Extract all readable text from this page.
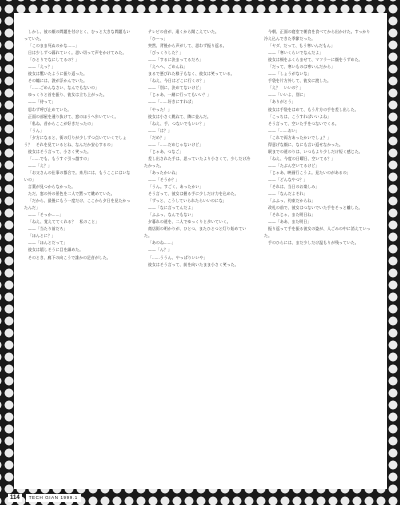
しかし、彼の顔の問題を付けとく、むっと大きな問題もいっていた。

「このまま死ぬのかな……」

日は少しずつ暮れていく。思い切って声をかけてみた。

「ひとりでなにしてるの？」

——「えっ？」

彼女は驚いたように振り返った。

その瞳には、涙が浮かんでいた。

「……ごめんなさい、なんでもないの」

ゆっくりと首を振り、彼女は立ち上がった。

——「待って」

思わず呼び止めていた。

正面の部屋を通り抜けて、窓のほうへ歩いていく。

「私ね、昔からここが好きだったの」

「うん」

「夕方になると、街の灯りが少しずつ点いていくでしょう？　それを見ているとね、なんだか安心するの」

彼女はそう言って、小さく笑った。

「……でも、もうすぐ引っ越すの」

——「え？」

「お父さんの仕事の都合で。来月には、もうここにはいないの」

言葉が見つからなかった。

ただ、窓の外の景色を二人で黙って眺めていた。

「だから、最後にもう一度だけ、ここから夕日を見たかったんだ」

——「そっか……」

「ねえ、覚えててくれる？　私のこと」

——「当たり前だろ」

「ほんとに？」

——「ほんとだって」

彼女は嬉しそうに目を細めた。

そのとき、廊下の向こうで誰かの足音がした。

テレビの音が、遠くから聞こえていた。

「ひーっ」

突然、背後から声がして、思わず振り返る。

「びっくりした？」

——「するに決まってるだろ」

「えへへ、ごめんね」

まるで悪びれた様子もなく、彼女は笑っている。

「ねえ、今日はどこに行くの？」

——「別に、決めてないけど」

「じゃあ、一緒に行ってもいい？」

——「……好きにすれば」

「やった！」

彼女は小さく跳ねて、隣に並んだ。

「ねえ、手、つないでもいい？」

——「は？」

「だめ？」

——「……だめじゃないけど」

「じゃあ、つなご」

差し出された手は、思っていたより小さくて、少しだけ冷たかった。

「あったかいね」

——「そうか？」

「うん。すごく、あったかい」

そう言って、彼女は握る手に少しだけ力を込めた。

「ずっと、こうしていられたらいいのにな」

——「なに言ってんだよ」

「ふふっ、なんでもない」

夕暮れの道を、二人でゆっくりと歩いていく。

商店街の明かりが、ひとつ、またひとつと灯り始めていた。

「あのね……」

——「ん？」

「……ううん、やっぱりいいや」

彼女はそう言って、前を向いたまま小さく笑った。

今朝、正面の寝室で朝食を食べてから出かけた。すっかり冷え込んできた季節だった。

「ヤダ、だって、もう寒いんだもん」

——「寒いくらいでなんだよ」

彼女は頬をふくらませて、マフラーに顔をうずめた。

「だって、寒いものは寒いんだから」

——「しょうがないな」

手袋を片方外して、彼女に渡した。

「え？　いいの？」

——「いいよ、別に」

「ありがとう」

彼女は手袋をはめて、もう片方の手を差し出した。

「こっちは、こうすればいいよね」

そう言って、空いた手をつないでくる。

——「……おい」

「これで両方あったかいでしょ？」

得意げな顔に、なにも言い返せなかった。

駅までの道のりは、いつもより少しだけ短く感じた。

「ねえ、今度の日曜日、空いてる？」

——「たぶん空いてるけど」

「じゃあ、映画行こうよ。見たいのがあるの」

——「どんなやつ？」

「それは、当日のお楽しみ」

——「なんだよそれ」

「ふふっ、約束だからね」

改札の前で、彼女はつないでいた手をそっと離した。

「それじゃ、また明日ね」

——「ああ、また明日」

振り返って手を振る彼女の姿が、人ごみの中に消えていった。

手のひらには、まだ少しだけ温もりが残っていた。

114	TECH GIAN 1999.1
